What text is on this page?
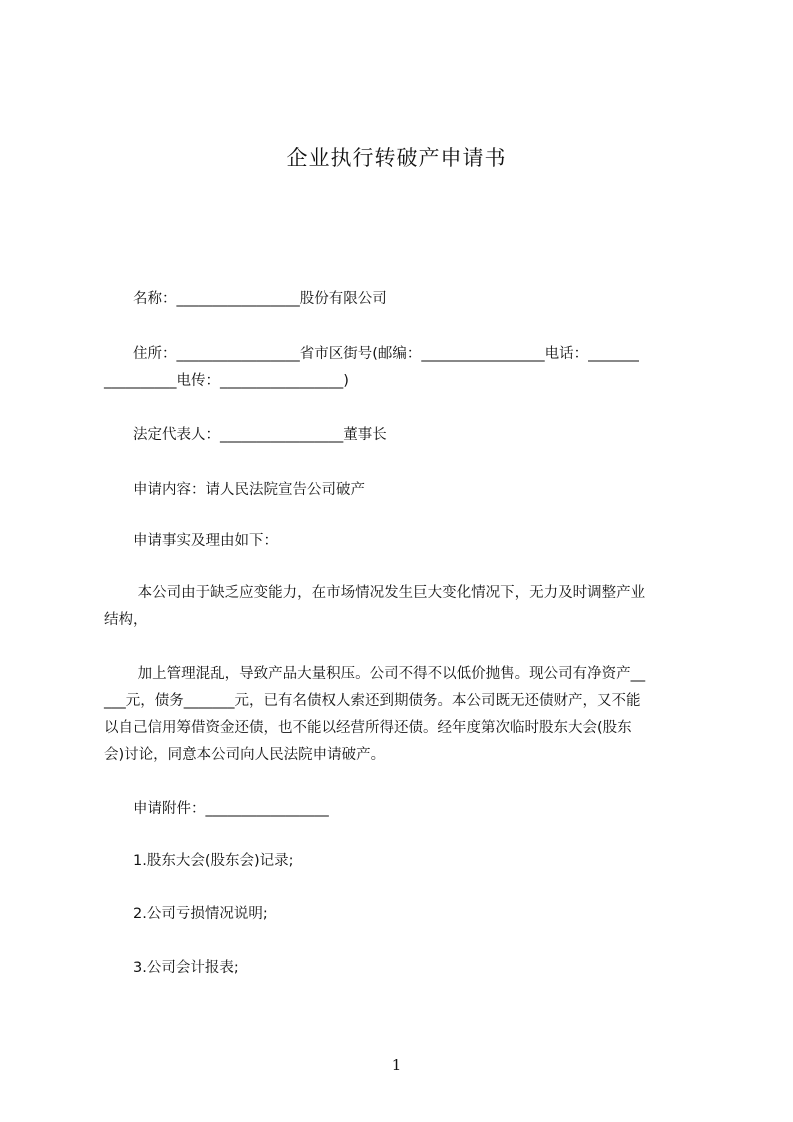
企业执行转破产申请书
　　名称：_________________股份有限公司
　　住所：_________________省市区街号(邮编：_________________电话：_______
__________电传：_________________)
　　法定代表人：_________________董事长
　　申请内容：请人民法院宣告公司破产
　　申请事实及理由如下：
　　 本公司由于缺乏应变能力，在市场情况发生巨大变化情况下，无力及时调整产业
结构，
　　 加上管理混乱，导致产品大量积压。公司不得不以低价抛售。现公司有净资产__
___元，债务_______元，已有名债权人索还到期债务。本公司既无还债财产，又不能
以自己信用筹借资金还债，也不能以经营所得还债。经年度第次临时股东大会(股东
会)讨论，同意本公司向人民法院申请破产。
　　申请附件：_________________
　　1.股东大会(股东会)记录;
　　2.公司亏损情况说明;
　　3.公司会计报表;
1
